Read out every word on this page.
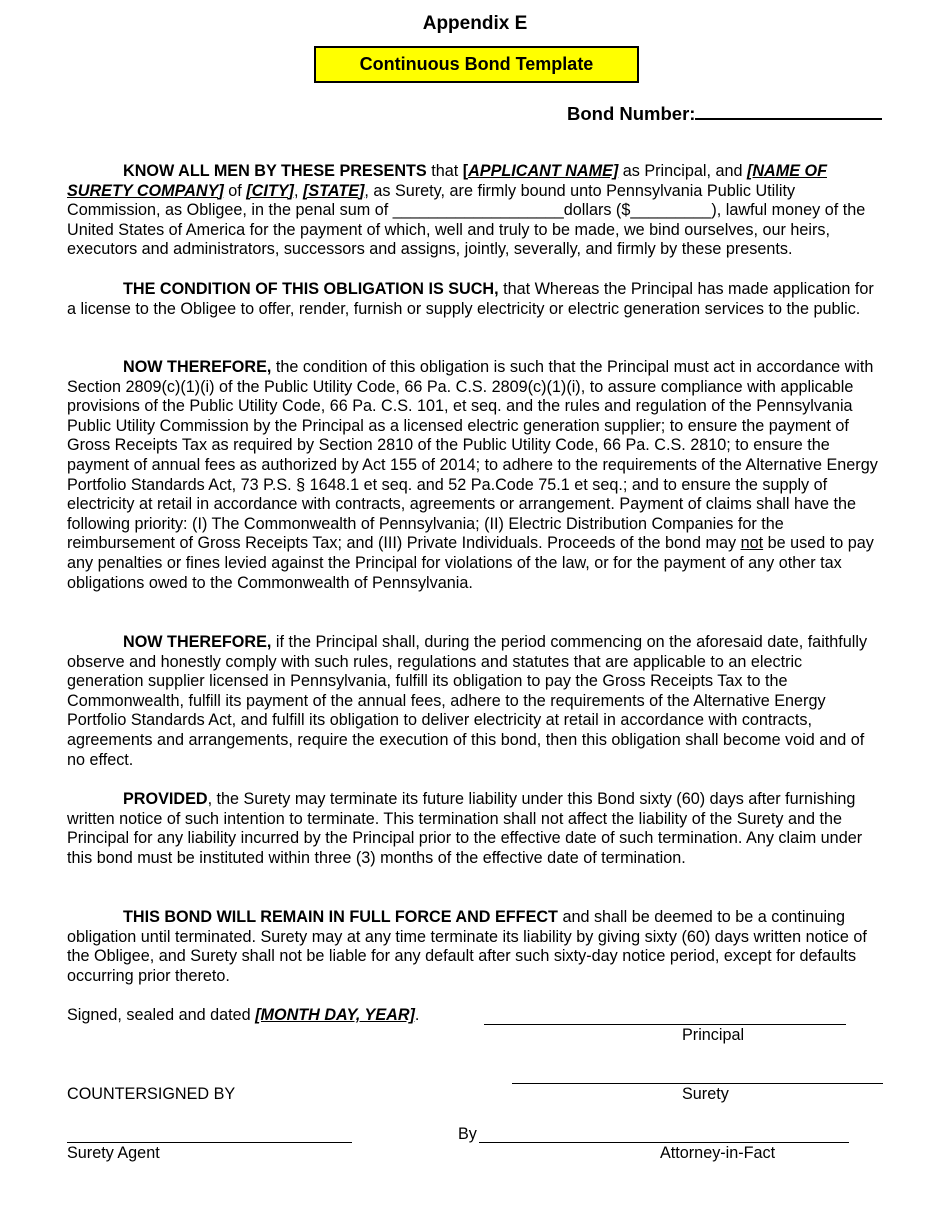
Appendix E
Continuous Bond Template
Bond Number:

KNOW ALL MEN BY THESE PRESENTS that [APPLICANT NAME] as Principal, and [NAME OF SURETY COMPANY] of [CITY], [STATE], as Surety, are firmly bound unto Pennsylvania Public Utility Commission, as Obligee, in the penal sum of ___________________dollars ($_________), lawful money of the United States of America for the payment of which, well and truly to be made, we bind ourselves, our heirs, executors and administrators, successors and assigns, jointly, severally, and firmly by these presents.

THE CONDITION OF THIS OBLIGATION IS SUCH, that Whereas the Principal has made application for a license to the Obligee to offer, render, furnish or supply electricity or electric generation services to the public.

NOW THEREFORE, the condition of this obligation is such that the Principal must act in accordance with Section 2809(c)(1)(i) of the Public Utility Code, 66 Pa. C.S. 2809(c)(1)(i), to assure compliance with applicable provisions of the Public Utility Code, 66 Pa. C.S. 101, et seq. and the rules and regulation of the Pennsylvania Public Utility Commission by the Principal as a licensed electric generation supplier; to ensure the payment of Gross Receipts Tax as required by Section 2810 of the Public Utility Code, 66 Pa. C.S. 2810; to ensure the payment of annual fees as authorized by Act 155 of 2014; to adhere to the requirements of the Alternative Energy Portfolio Standards Act, 73 P.S. § 1648.1 et seq. and 52 Pa.Code 75.1 et seq.; and to ensure the supply of electricity at retail in accordance with contracts, agreements or arrangement. Payment of claims shall have the following priority: (I) The Commonwealth of Pennsylvania; (II) Electric Distribution Companies for the reimbursement of Gross Receipts Tax; and (III) Private Individuals. Proceeds of the bond may not be used to pay any penalties or fines levied against the Principal for violations of the law, or for the payment of any other tax obligations owed to the Commonwealth of Pennsylvania.

NOW THEREFORE, if the Principal shall, during the period commencing on the aforesaid date, faithfully observe and honestly comply with such rules, regulations and statutes that are applicable to an electric generation supplier licensed in Pennsylvania, fulfill its obligation to pay the Gross Receipts Tax to the Commonwealth, fulfill its payment of the annual fees, adhere to the requirements of the Alternative Energy Portfolio Standards Act, and fulfill its obligation to deliver electricity at retail in accordance with contracts, agreements and arrangements, require the execution of this bond, then this obligation shall become void and of no effect.

PROVIDED, the Surety may terminate its future liability under this Bond sixty (60) days after furnishing written notice of such intention to terminate. This termination shall not affect the liability of the Surety and the Principal for any liability incurred by the Principal prior to the effective date of such termination. Any claim under this bond must be instituted within three (3) months of the effective date of termination.

THIS BOND WILL REMAIN IN FULL FORCE AND EFFECT and shall be deemed to be a continuing obligation until terminated. Surety may at any time terminate its liability by giving sixty (60) days written notice of the Obligee, and Surety shall not be liable for any default after such sixty-day notice period, except for defaults occurring prior thereto.

Signed, sealed and dated [MONTH DAY, YEAR].
Principal
COUNTERSIGNED BY	Surety
By
Surety Agent	Attorney-in-Fact
